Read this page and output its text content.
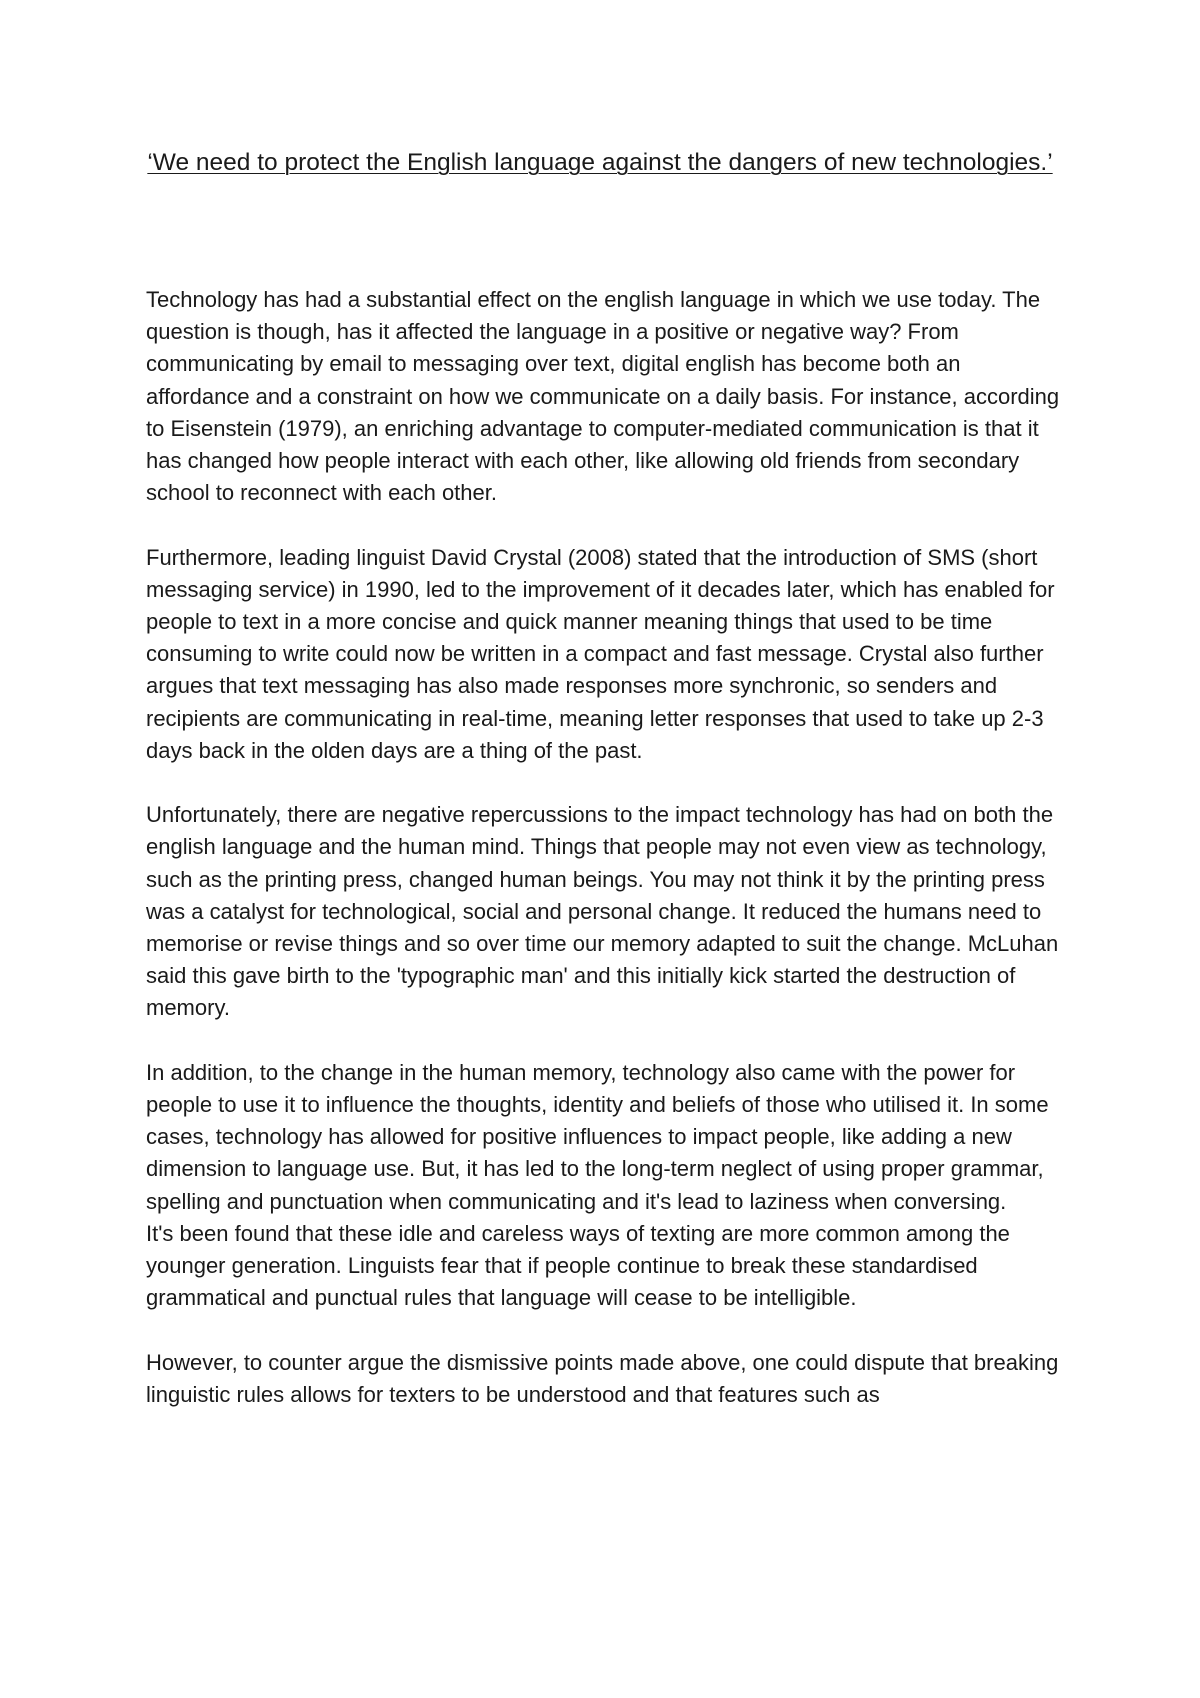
‘We need to protect the English language against the dangers of new technologies.’

Technology has had a substantial effect on the english language in which we use today. The question is though, has it affected the language in a positive or negative way? From communicating by email to messaging over text, digital english has become both an affordance and a constraint on how we communicate on a daily basis. For instance, according to Eisenstein (1979), an enriching advantage to computer-mediated communication is that it has changed how people interact with each other, like allowing old friends from secondary school to reconnect with each other.

Furthermore, leading linguist David Crystal (2008) stated that the introduction of SMS (short messaging service) in 1990, led to the improvement of it decades later, which has enabled for people to text in a more concise and quick manner meaning things that used to be time consuming to write could now be written in a compact and fast message. Crystal also further argues that text messaging has also made responses more synchronic, so senders and recipients are communicating in real-time, meaning letter responses that used to take up 2-3 days back in the olden days are a thing of the past.

Unfortunately, there are negative repercussions to the impact technology has had on both the english language and the human mind. Things that people may not even view as technology, such as the printing press, changed human beings. You may not think it by the printing press was a catalyst for technological, social and personal change. It reduced the humans need to memorise or revise things and so over time our memory adapted to suit the change. McLuhan said this gave birth to the 'typographic man' and this initially kick started the destruction of memory.

In addition, to the change in the human memory, technology also came with the power for people to use it to influence the thoughts, identity and beliefs of those who utilised it. In some cases, technology has allowed for positive influences to impact people, like adding a new dimension to language use. But, it has led to the long-term neglect of using proper grammar, spelling and punctuation when communicating and it's lead to laziness when conversing.

It's been found that these idle and careless ways of texting are more common among the younger generation. Linguists fear that if people continue to break these standardised grammatical and punctual rules that language will cease to be intelligible.

However, to counter argue the dismissive points made above, one could dispute that breaking linguistic rules allows for texters to be understood and that features such as
